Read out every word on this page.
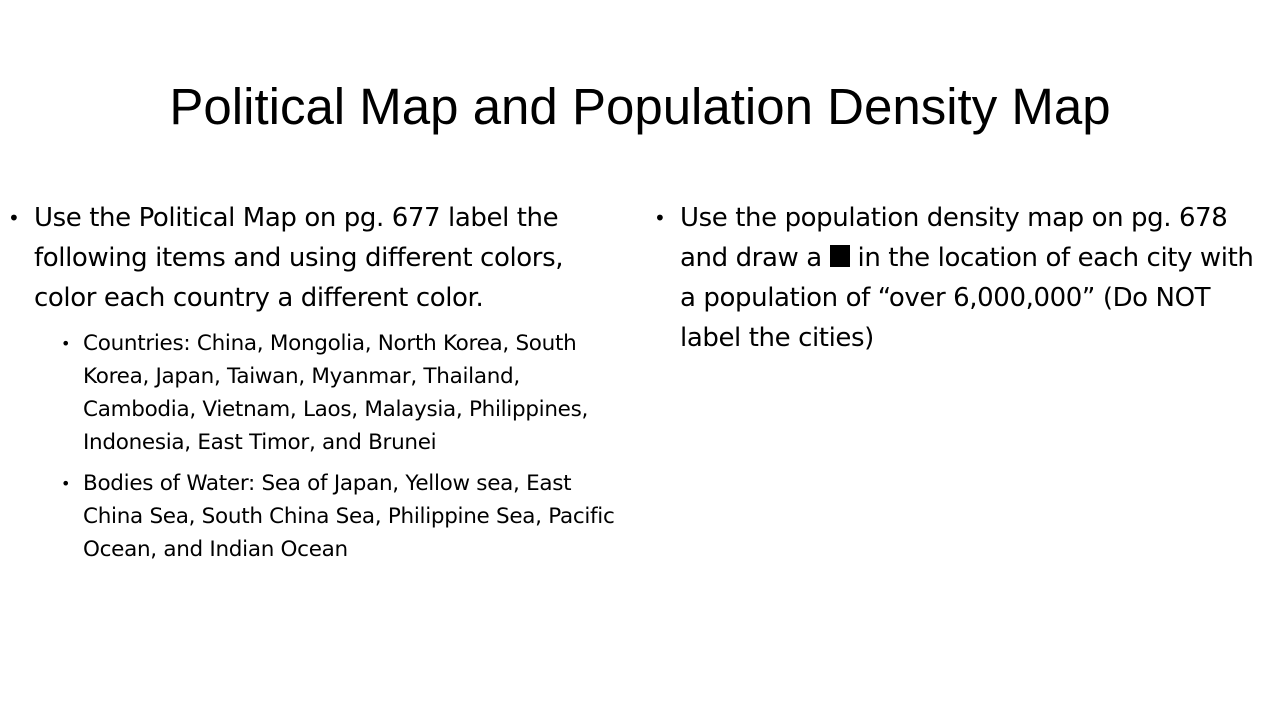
Political Map and Population Density Map
• Use the Political Map on pg. 677 label the following items and using different colors, color each country a different color.
• Countries: China, Mongolia, North Korea, South Korea, Japan, Taiwan, Myanmar, Thailand, Cambodia, Vietnam, Laos, Malaysia, Philippines, Indonesia, East Timor, and Brunei
• Bodies of Water: Sea of Japan, Yellow sea, East China Sea, South China Sea, Philippine Sea, Pacific Ocean, and Indian Ocean
• Use the population density map on pg. 678 and draw a in the location of each city with a population of “over 6,000,000” (Do NOT label the cities)
